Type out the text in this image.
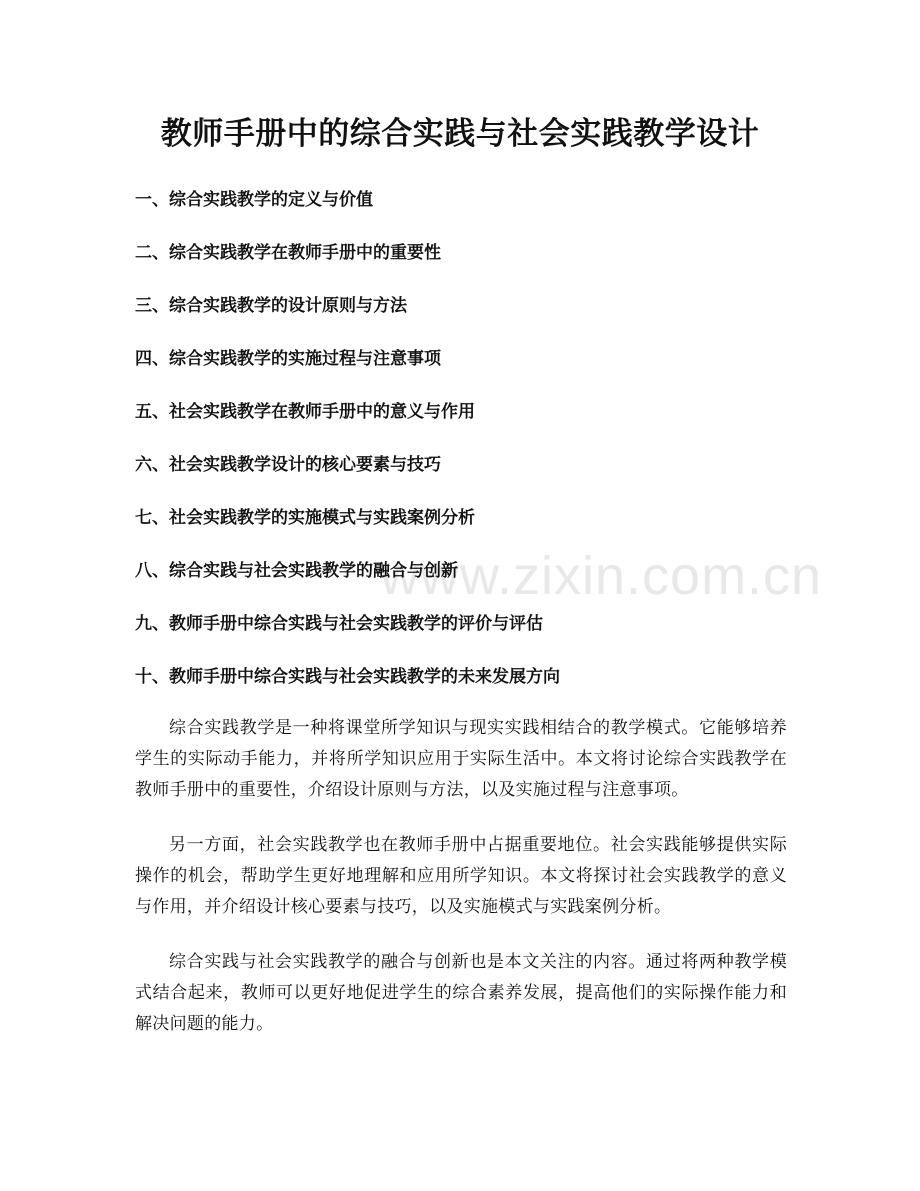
www.zixin.com.cn
教师手册中的综合实践与社会实践教学设计
一、综合实践教学的定义与价值
二、综合实践教学在教师手册中的重要性
三、综合实践教学的设计原则与方法
四、综合实践教学的实施过程与注意事项
五、社会实践教学在教师手册中的意义与作用
六、社会实践教学设计的核心要素与技巧
七、社会实践教学的实施模式与实践案例分析
八、综合实践与社会实践教学的融合与创新
九、教师手册中综合实践与社会实践教学的评价与评估
十、教师手册中综合实践与社会实践教学的未来发展方向

综合实践教学是一种将课堂所学知识与现实实践相结合的教学模式。它能够培养学生的实际动手能力，并将所学知识应用于实际生活中。本文将讨论综合实践教学在教师手册中的重要性，介绍设计原则与方法，以及实施过程与注意事项。

另一方面，社会实践教学也在教师手册中占据重要地位。社会实践能够提供实际操作的机会，帮助学生更好地理解和应用所学知识。本文将探讨社会实践教学的意义与作用，并介绍设计核心要素与技巧，以及实施模式与实践案例分析。

综合实践与社会实践教学的融合与创新也是本文关注的内容。通过将两种教学模式结合起来，教师可以更好地促进学生的综合素养发展，提高他们的实际操作能力和解决问题的能力。
